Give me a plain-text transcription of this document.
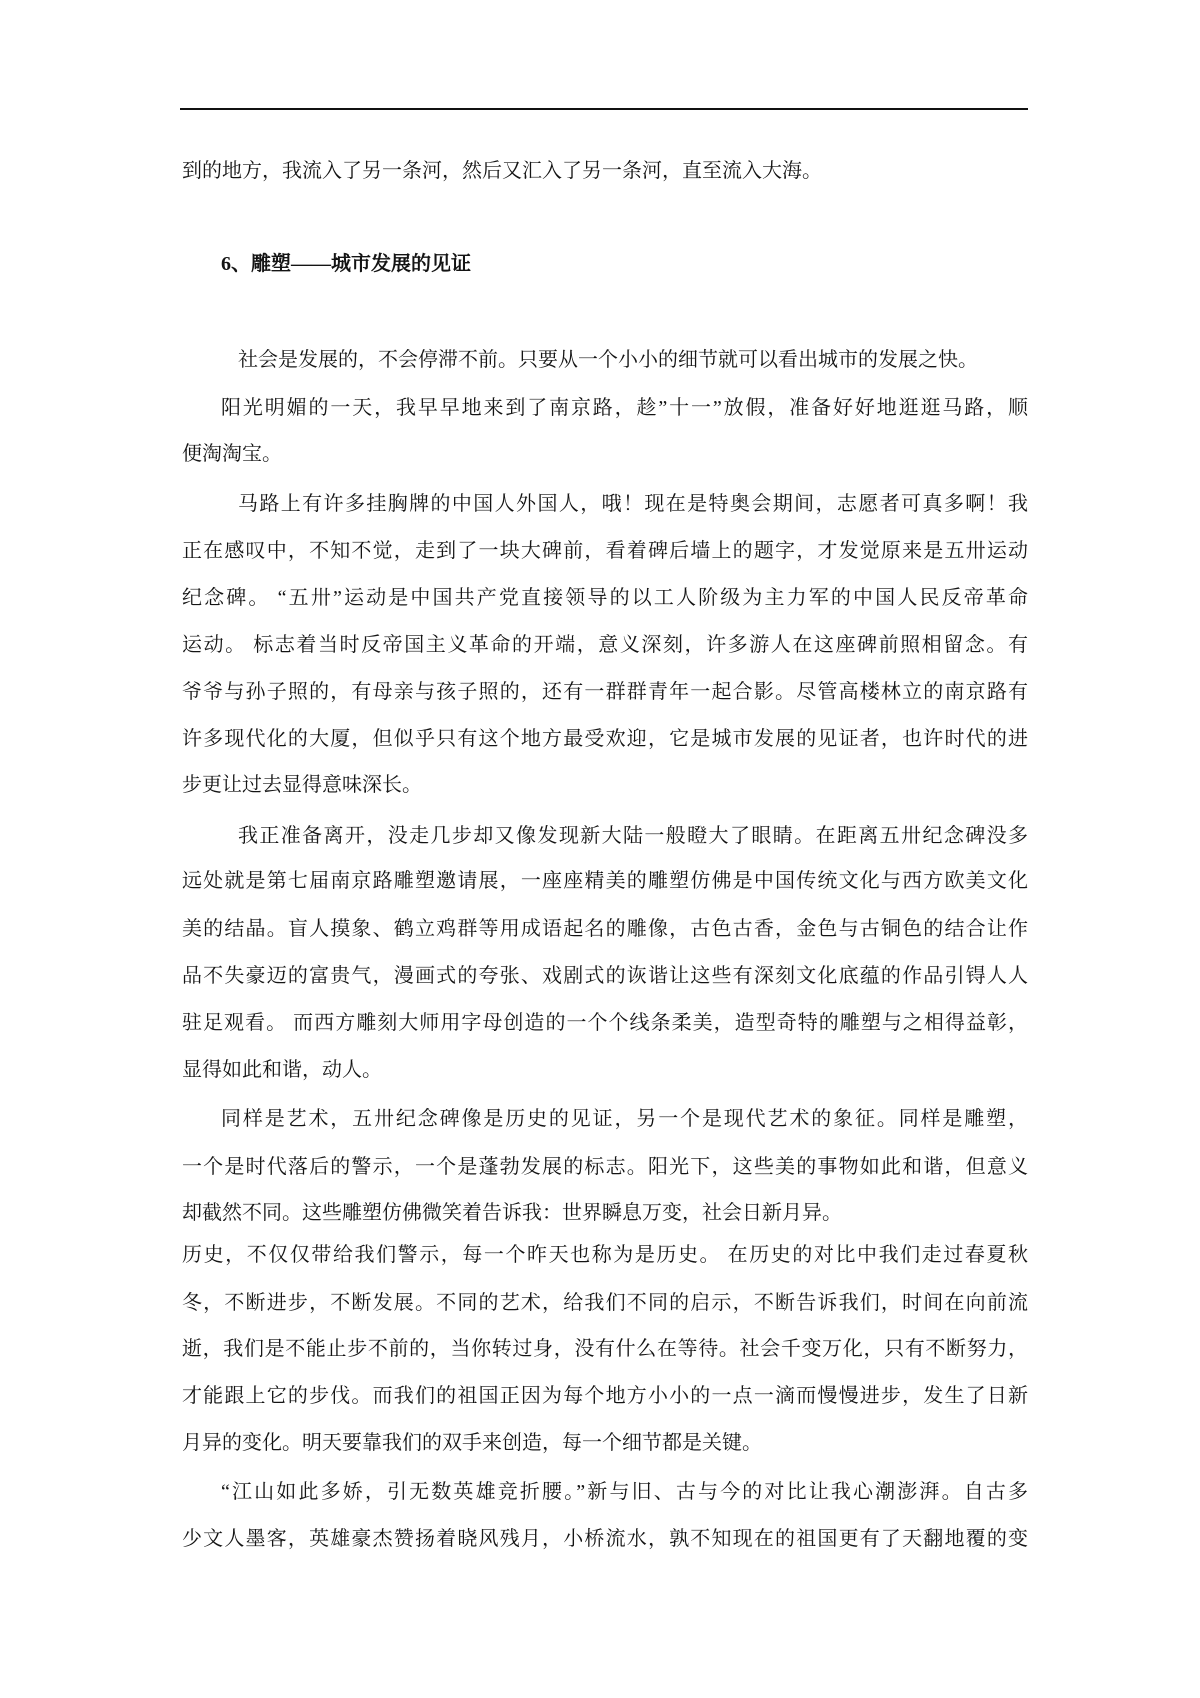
到的地方，我流入了另一条河，然后又汇入了另一条河，直至流入大海。
6、雕塑——城市发展的见证
社会是发展的，不会停滞不前。只要从一个小小的细节就可以看出城市的发展之快。
阳光明媚的一天，我早早地来到了南京路，趁”十一”放假，准备好好地逛逛马路，顺
便淘淘宝。
马路上有许多挂胸牌的中国人外国人，哦！现在是特奥会期间，志愿者可真多啊！我
正在感叹中，不知不觉，走到了一块大碑前，看着碑后墙上的题字，才发觉原来是五卅运动
纪念碑。 “五卅”运动是中国共产党直接领导的以工人阶级为主力军的中国人民反帝革命
运动。 标志着当时反帝国主义革命的开端，意义深刻，许多游人在这座碑前照相留念。有
爷爷与孙子照的，有母亲与孩子照的，还有一群群青年一起合影。尽管高楼林立的南京路有
许多现代化的大厦，但似乎只有这个地方最受欢迎，它是城市发展的见证者，也许时代的进
步更让过去显得意味深长。
我正准备离开，没走几步却又像发现新大陆一般瞪大了眼睛。在距离五卅纪念碑没多
远处就是第七届南京路雕塑邀请展，一座座精美的雕塑仿佛是中国传统文化与西方欧美文化
美的结晶。盲人摸象、鹤立鸡群等用成语起名的雕像，古色古香，金色与古铜色的结合让作
品不失豪迈的富贵气，漫画式的夸张、戏剧式的诙谐让这些有深刻文化底蕴的作品引锝人人
驻足观看。 而西方雕刻大师用字母创造的一个个线条柔美，造型奇特的雕塑与之相得益彰，
显得如此和谐，动人。
同样是艺术，五卅纪念碑像是历史的见证，另一个是现代艺术的象征。同样是雕塑，
一个是时代落后的警示，一个是蓬勃发展的标志。阳光下，这些美的事物如此和谐，但意义
却截然不同。这些雕塑仿佛微笑着告诉我：世界瞬息万变，社会日新月异。
历史，不仅仅带给我们警示，每一个昨天也称为是历史。 在历史的对比中我们走过春夏秋
冬，不断进步，不断发展。不同的艺术，给我们不同的启示，不断告诉我们，时间在向前流
逝，我们是不能止步不前的，当你转过身，没有什么在等待。社会千变万化，只有不断努力，
才能跟上它的步伐。而我们的祖国正因为每个地方小小的一点一滴而慢慢进步，发生了日新
月异的变化。明天要靠我们的双手来创造，每一个细节都是关键。
“江山如此多娇，引无数英雄竞折腰。”新与旧、古与今的对比让我心潮澎湃。自古多
少文人墨客，英雄豪杰赞扬着晓风残月，小桥流水，孰不知现在的祖国更有了天翻地覆的变
